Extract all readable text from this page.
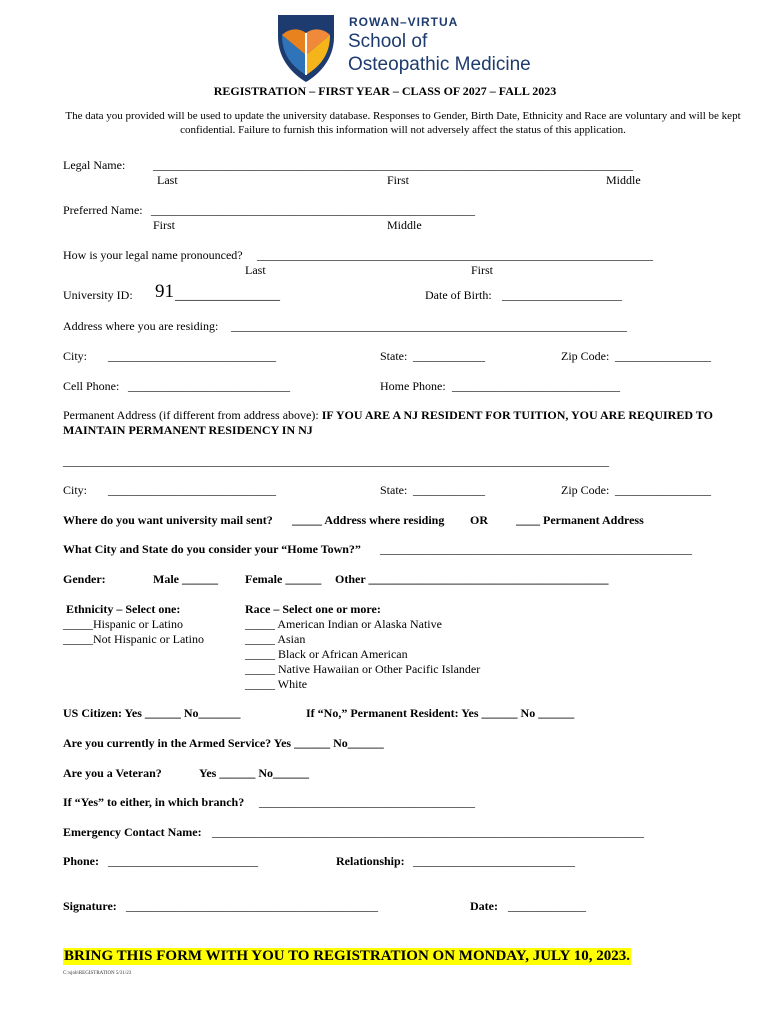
ROWAN–VIRTUA
School of
Osteopathic Medicine
REGISTRATION – FIRST YEAR – CLASS OF 2027 – FALL 2023
The data you provided will be used to update the university database. Responses to Gender, Birth Date, Ethnicity and Race are voluntary and will be kept confidential. Failure to furnish this information will not adversely affect the status of this application.
Legal Name: ________________________________________________________________________________
Last	First	Middle
Preferred Name: ______________________________________________________
First	Middle
How is your legal name pronounced? __________________________________________________________________
Last	First
University ID: 91 _______________	Date of Birth: ____________________
Address where you are residing: __________________________________________________________________
City: ____________________________	State: ____________	Zip Code: ________________
Cell Phone: ___________________________	Home Phone: ____________________________
Permanent Address (if different from address above): IF YOU ARE A NJ RESIDENT FOR TUITION, YOU ARE REQUIRED TO MAINTAIN PERMANENT RESIDENCY IN NJ
___________________________________________________________________________________________
City: ____________________________	State: ____________	Zip Code: ________________
Where do you want university mail sent? _____ Address where residing OR ____ Permanent Address
What City and State do you consider your “Home Town?” ____________________________________________________
Gender:	Male ______ Female ______ Other ________________________________________
Ethnicity – Select one:
_____Hispanic or Latino
_____Not Hispanic or Latino
Race – Select one or more:
_____ American Indian or Alaska Native
_____ Asian
_____ Black or African American
_____ Native Hawaiian or Other Pacific Islander
_____ White
US Citizen: Yes ______ No_______	If “No,” Permanent Resident: Yes ______ No ______
Are you currently in the Armed Service? Yes ______ No______
Are you a Veteran?	Yes ______ No______
If “Yes” to either, in which branch? ____________________________________
Emergency Contact Name: ________________________________________________________________________
Phone: _________________________	Relationship: ___________________________
Signature: __________________________________________	Date: _____________
BRING THIS FORM WITH YOU TO REGISTRATION ON MONDAY, JULY 10, 2023.
C:\sjob\REGISTRATION 5/31/23
